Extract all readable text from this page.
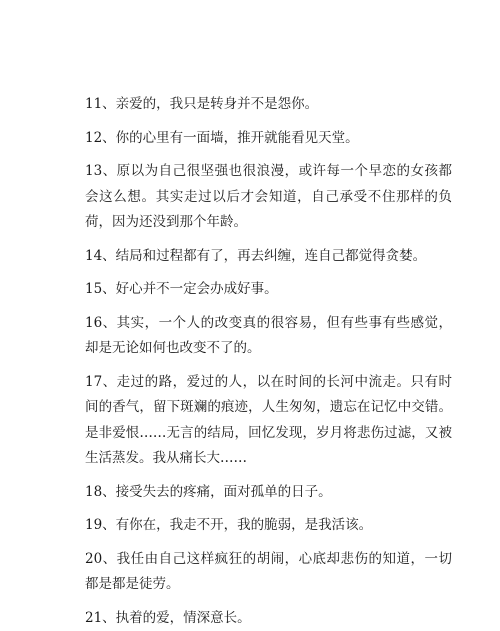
11、亲爱的，我只是转身并不是怨你。

12、你的心里有一面墙，推开就能看见天堂。

13、原以为自己很坚强也很浪漫，或许每一个早恋的女孩都会这么想。其实走过以后才会知道，自己承受不住那样的负荷，因为还没到那个年龄。

14、结局和过程都有了，再去纠缠，连自己都觉得贪婪。

15、好心并不一定会办成好事。

16、其实，一个人的改变真的很容易，但有些事有些感觉，却是无论如何也改变不了的。

17、走过的路，爱过的人，以在时间的长河中流走。只有时间的香气，留下斑斓的痕迹，人生匆匆，遗忘在记忆中交错。是非爱恨……无言的结局，回忆发现，岁月将悲伤过滤，又被生活蒸发。我从痛长大……

18、接受失去的疼痛，面对孤单的日子。

19、有你在，我走不开，我的脆弱，是我活该。

20、我任由自己这样疯狂的胡闹，心底却悲伤的知道，一切都是都是徒劳。

21、执着的爱，情深意长。
